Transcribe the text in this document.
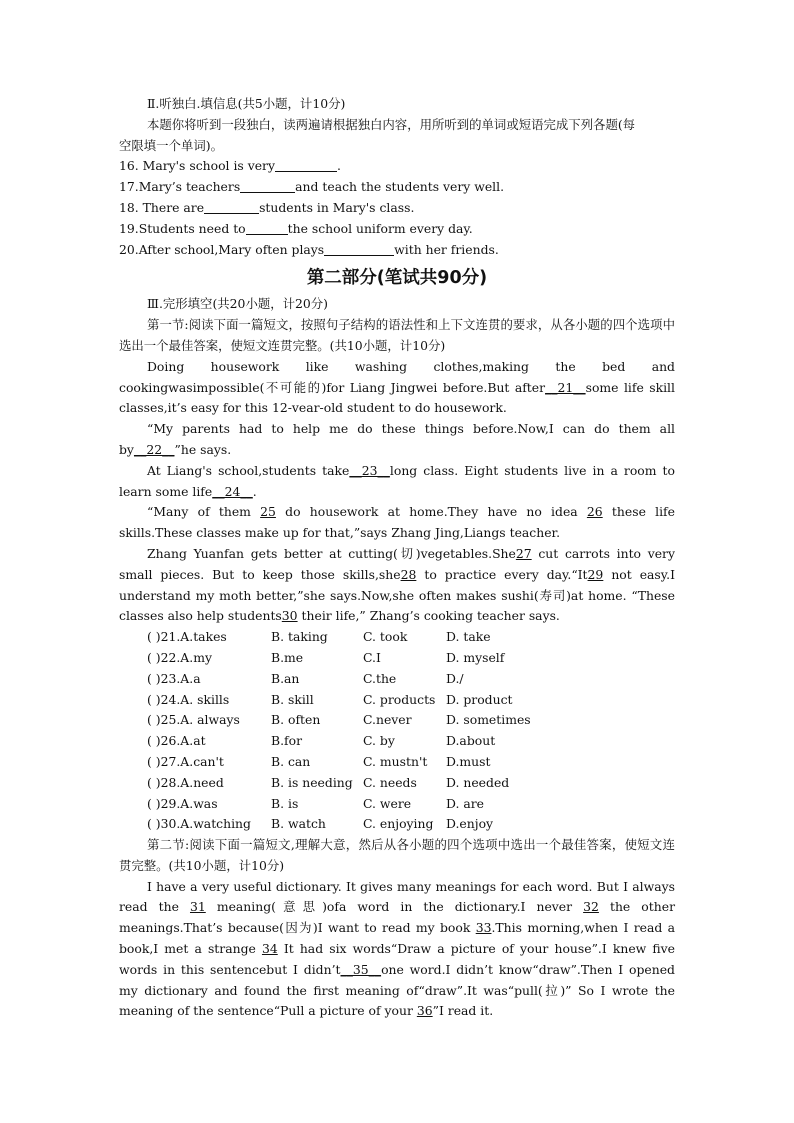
Ⅱ.听独白.填信息(共5小题，计10分)

本题你将听到一段独白，读两遍请根据独白内容，用所听到的单词或短语完成下列各题(每

空限填一个单词)。

16. Mary's school is very	.

17.Mary’s teachers	and teach the students very well.

18. There are	students in Mary's class.

19.Students need to	the school uniform every day.

20.After school,Mary often plays	with her friends.

第二部分(笔试共90分)

Ⅲ.完形填空(共20小题，计20分)

第一节:阅读下面一篇短文，按照句子结构的语法性和上下文连贯的要求，从各小题的四个选项中选出一个最佳答案，使短文连贯完整。(共10小题，计10分)

Doing housework like washing clothes,making the bed and cookingwasimpossible(不可能的)for Liang Jingwei before.But after__21__some life skill classes,it’s easy for this 12-vear-old student to do housework.

“My parents had to help me do these things before.Now,I can do them all by__22__”he says.

At Liang's school,students take__23__long class. Eight students live in a room to learn some life__24__.

“Many of them 25 do housework at home.They have no idea 26 these life skills.These classes make up for that,”says Zhang Jing,Liangs teacher.

Zhang Yuanfan gets better at cutting(切)vegetables.She27 cut carrots into very small pieces. But to keep those skills,she28 to practice every day.“It29 not easy.I understand my moth better,”she says.Now,she often makes sushi(寿司)at home. “These classes also help students30 their life,” Zhang’s cooking teacher says.

( )21.A.takes	B. taking	C. took	D. take
( )22.A.my	B.me	C.I	D. myself
( )23.A.a	B.an	C.the	D./
( )24.A. skills	B. skill	C. products D. product
( )25.A. always	B. often	C.never	D. sometimes
( )26.A.at	B.for	C. by	D.about
( )27.A.can't	B. can	C. mustn't	D.must
( )28.A.need	B. is needing C. needs	D. needed
( )29.A.was	B. is	C. were	D. are
( )30.A.watching	B. watch	C. enjoying	D.enjoy

第二节:阅读下面一篇短文,理解大意，然后从各小题的四个选项中选出一个最佳答案，使短文连贯完整。(共10小题，计10分)

I have a very useful dictionary. It gives many meanings for each word. But I always read the 31 meaning(意思)ofa word in the dictionary.I never 32 the other meanings.That’s because(因为)I want to read my book 33.This morning,when I read a book,I met a strange 34 It had six words“Draw a picture of your house”.I knew five words in this sentencebut I didn’t__35__one word.I didn’t know“draw”.Then I opened my dictionary and found the first meaning of“draw”.It was“pull(拉)” So I wrote the meaning of the sentence“Pull a picture of your 36”I read it.
